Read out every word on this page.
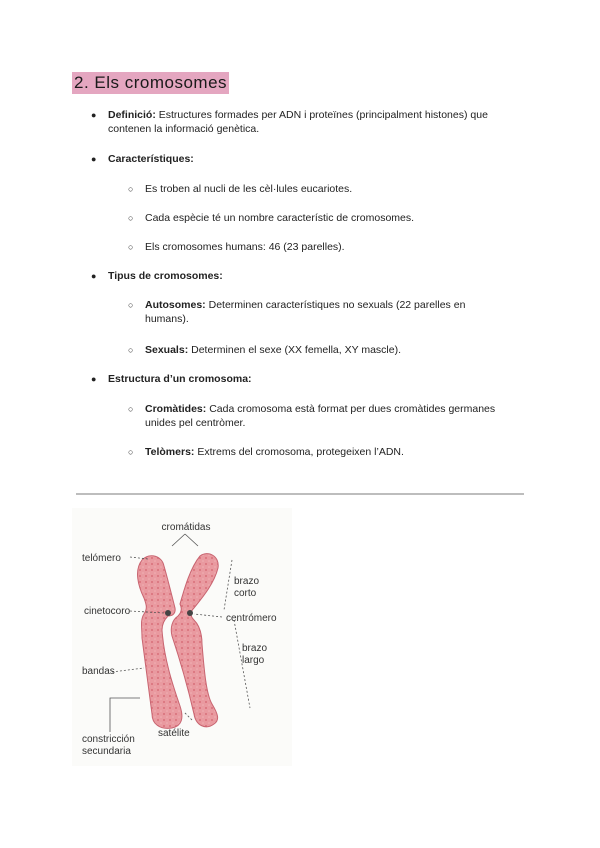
2. Els cromosomes
● Definició: Estructures formades per ADN i proteïnes (principalment histones) que
contenen la informació genètica.
● Característiques:
○ Es troben al nucli de les cèl·lules eucariotes.
○ Cada espècie té un nombre característic de cromosomes.
○ Els cromosomes humans: 46 (23 parelles).
● Tipus de cromosomes:
○ Autosomes: Determinen característiques no sexuals (22 parelles en
humans).
○ Sexuals: Determinen el sexe (XX femella, XY mascle).
● Estructura d’un cromosoma:
○ Cromàtides: Cada cromosoma està format per dues cromàtides germanes
unides pel centròmer.
○ Telòmers: Extrems del cromosoma, protegeixen l’ADN.
cromátidas
telómero
brazo
corto
cinetocoro
centrómero
brazo
largo
bandas
constricción
secundaria
satélite
